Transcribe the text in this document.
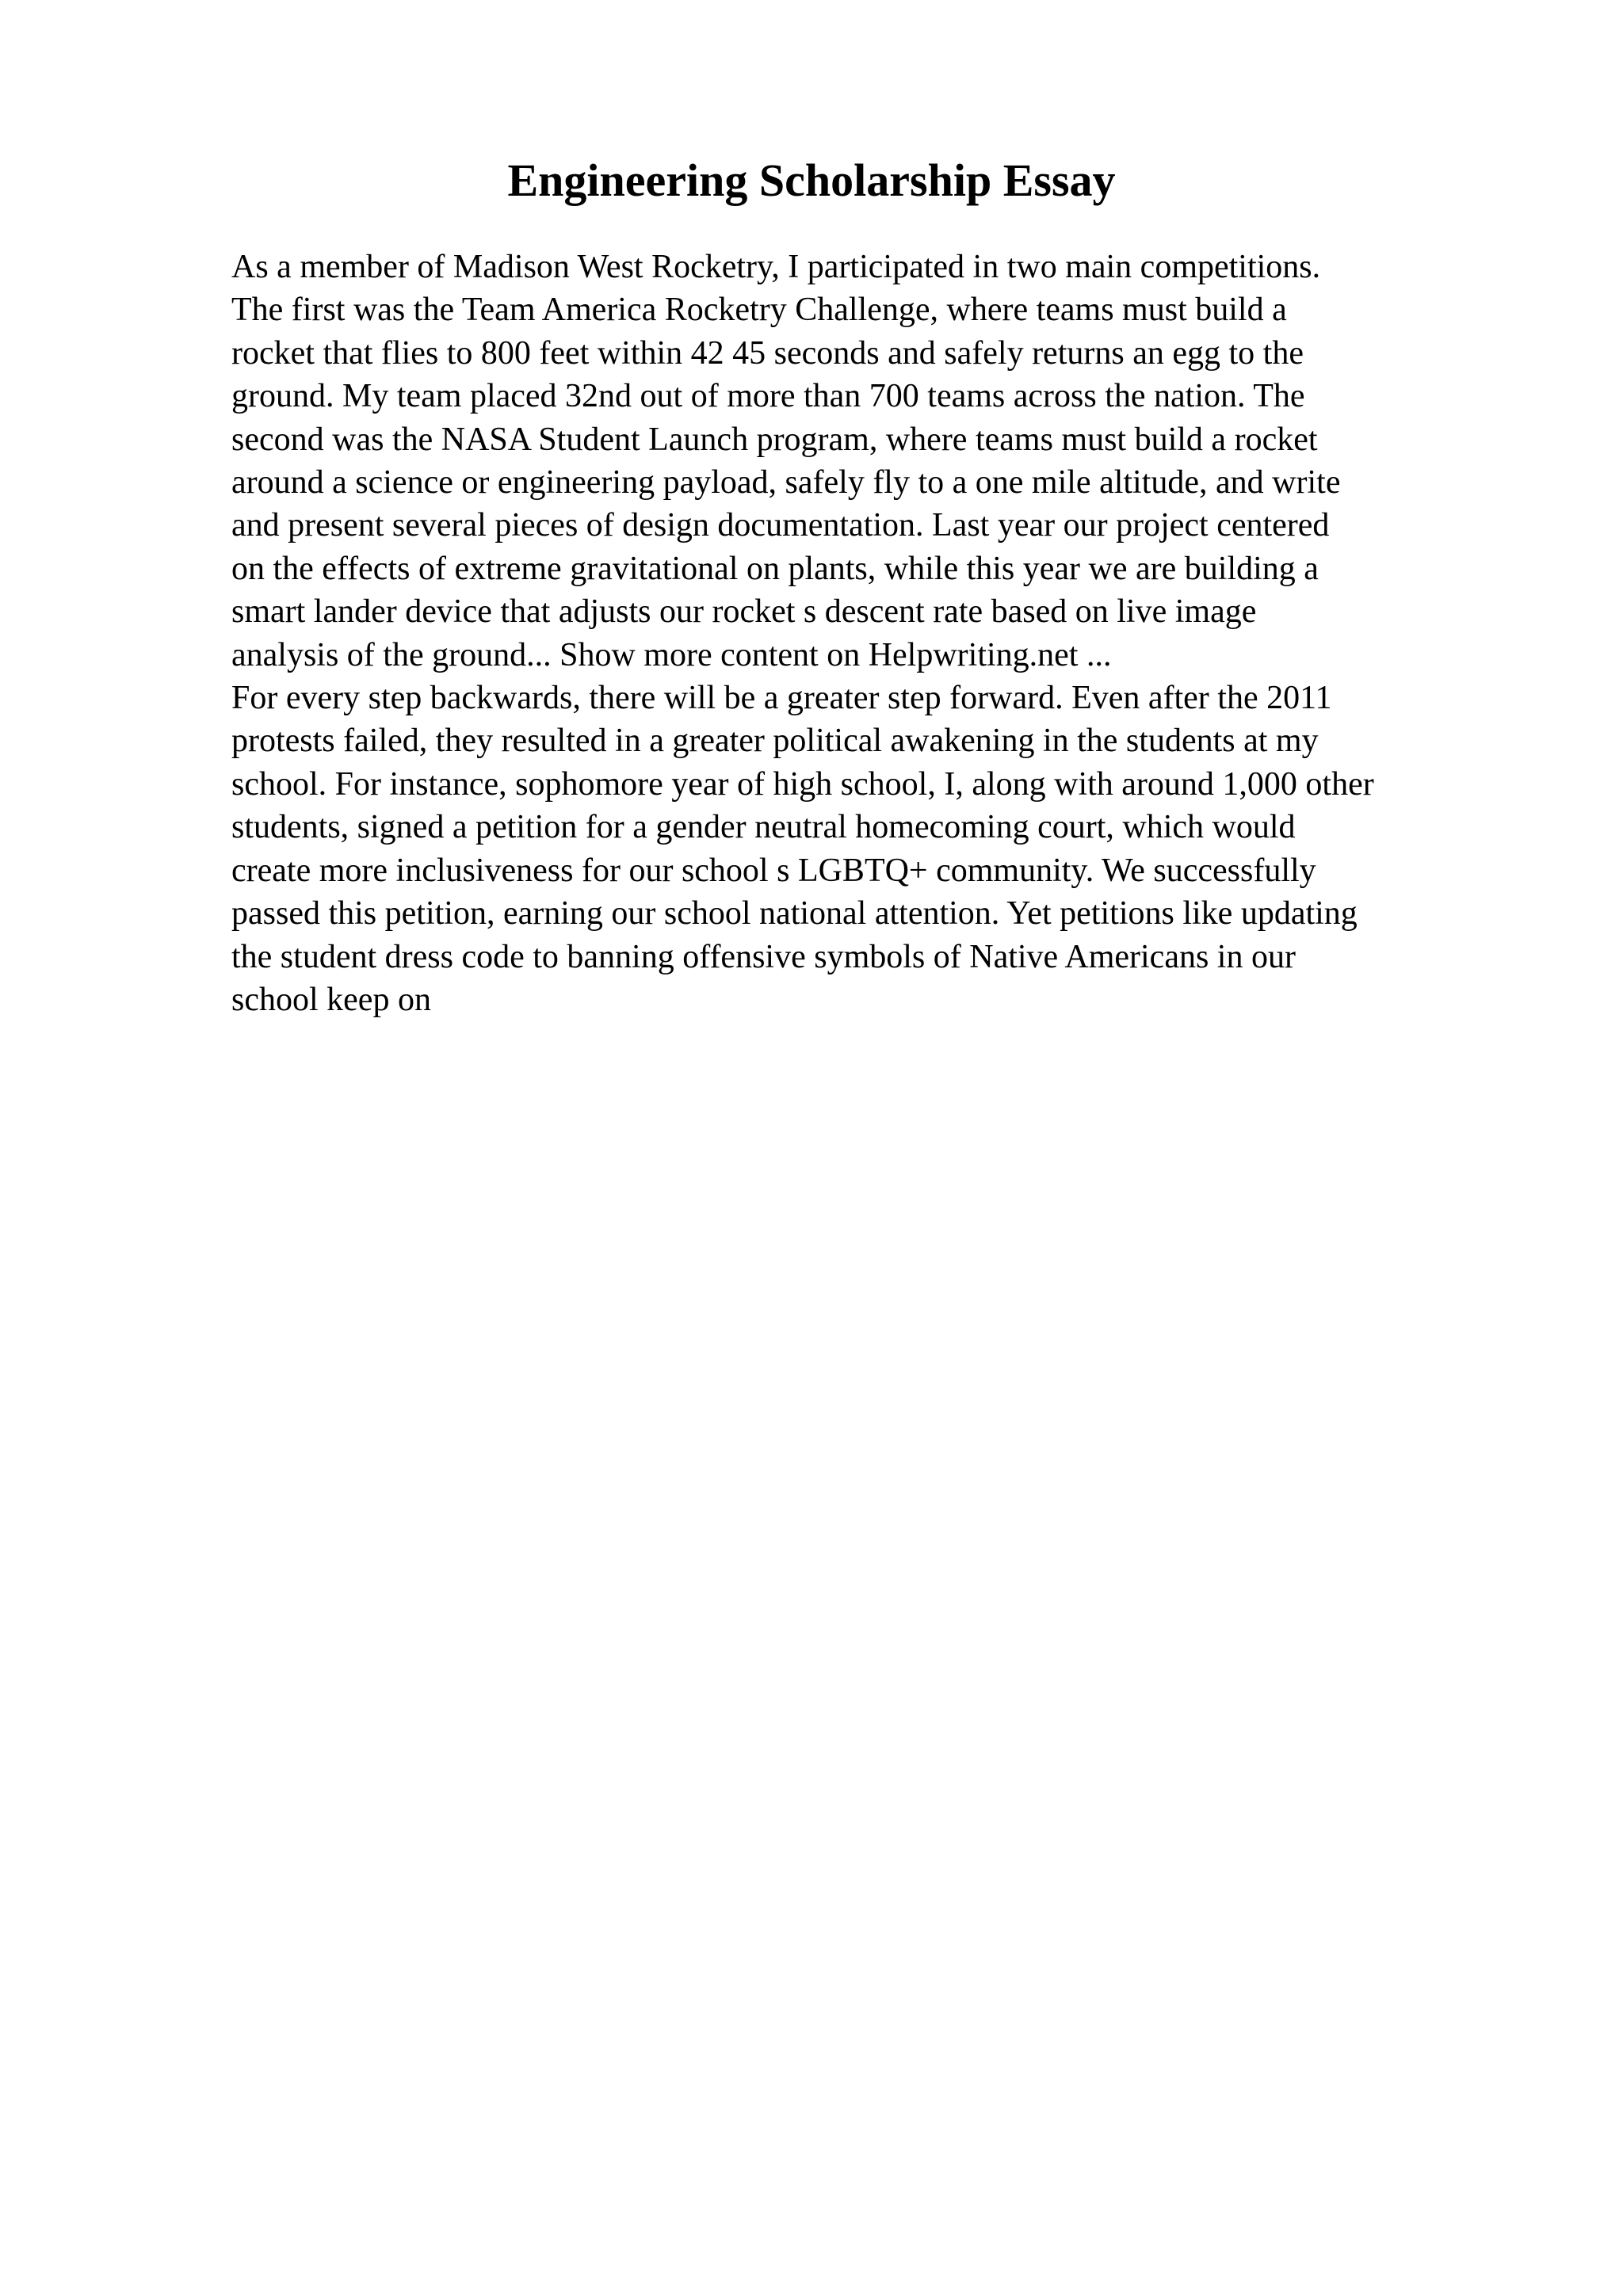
Engineering Scholarship Essay
As a member of Madison West Rocketry, I participated in two main competitions.
The first was the Team America Rocketry Challenge, where teams must build a
rocket that flies to 800 feet within 42 45 seconds and safely returns an egg to the
ground. My team placed 32nd out of more than 700 teams across the nation. The
second was the NASA Student Launch program, where teams must build a rocket
around a science or engineering payload, safely fly to a one mile altitude, and write
and present several pieces of design documentation. Last year our project centered
on the effects of extreme gravitational on plants, while this year we are building a
smart lander device that adjusts our rocket s descent rate based on live image
analysis of the ground... Show more content on Helpwriting.net ...
For every step backwards, there will be a greater step forward. Even after the 2011
protests failed, they resulted in a greater political awakening in the students at my
school. For instance, sophomore year of high school, I, along with around 1,000 other
students, signed a petition for a gender neutral homecoming court, which would
create more inclusiveness for our school s LGBTQ+ community. We successfully
passed this petition, earning our school national attention. Yet petitions like updating
the student dress code to banning offensive symbols of Native Americans in our
school keep on
